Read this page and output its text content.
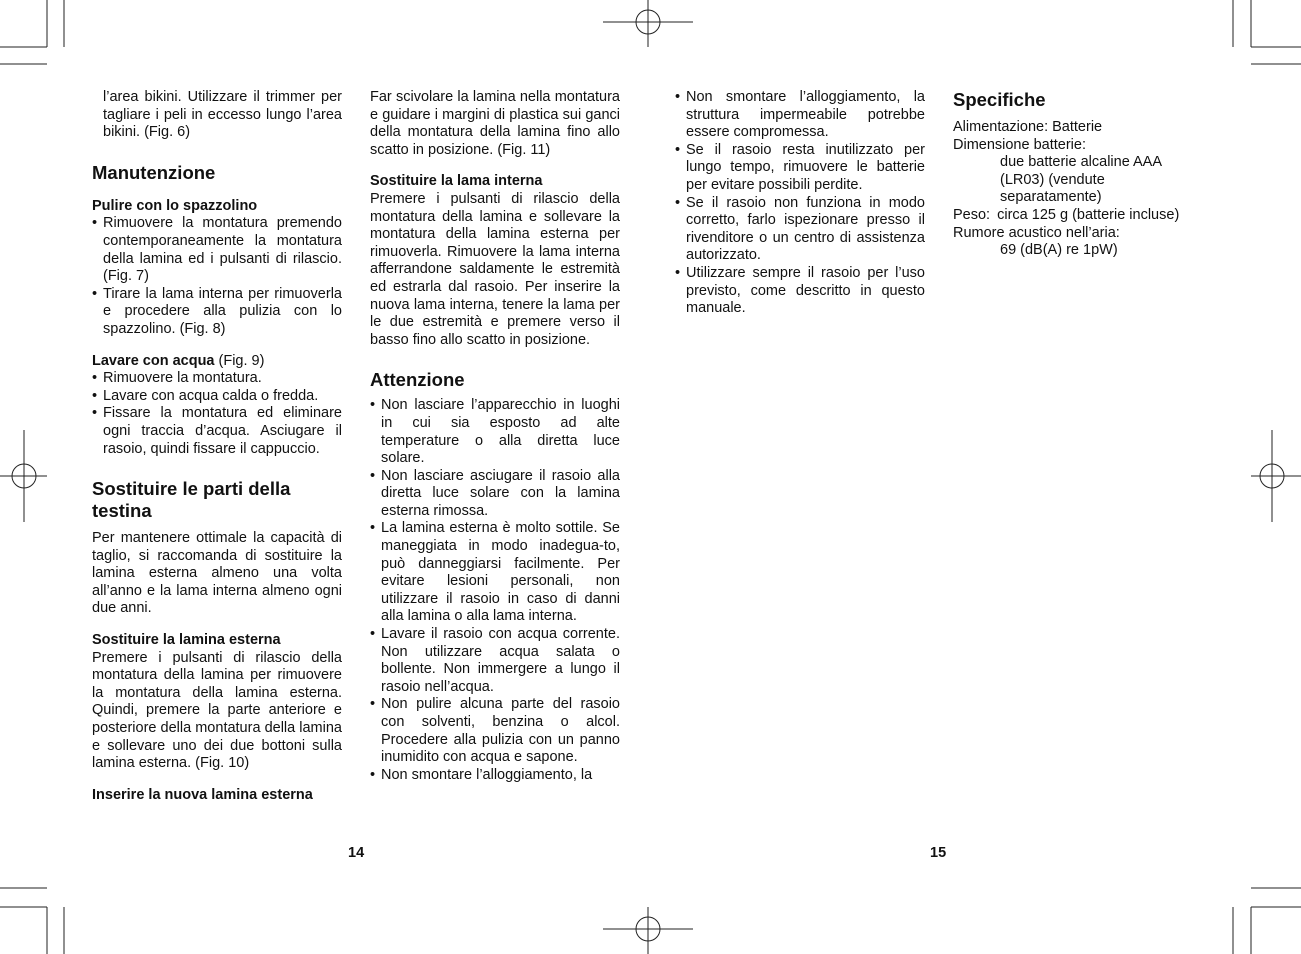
l’area bikini. Utilizzare il trimmer per tagliare i peli in eccesso lungo l’area bikini. (Fig. 6)

Manutenzione
Pulire con lo spazzolino
• Rimuovere la montatura premendo contemporaneamente la montatura della lamina ed i pulsanti di rilascio. (Fig. 7)
• Tirare la lama interna per rimuoverla e procedere alla pulizia con lo spazzolino. (Fig. 8)
Lavare con acqua (Fig. 9)
• Rimuovere la montatura.
• Lavare con acqua calda o fredda.
• Fissare la montatura ed eliminare ogni traccia d’acqua. Asciugare il rasoio, quindi fissare il cappuccio.
Sostituire le parti della testina

Per mantenere ottimale la capacità di taglio, si raccomanda di sostituire la lamina esterna almeno una volta all’anno e la lama interna almeno ogni due anni.

Sostituire la lamina esterna

Premere i pulsanti di rilascio della montatura della lamina per rimuovere la montatura della lamina esterna. Quindi, premere la parte anteriore e posteriore della montatura della lamina e sollevare uno dei due bottoni sulla lamina esterna. (Fig. 10)

Inserire la nuova lamina esterna

Far scivolare la lamina nella montatura e guidare i margini di plastica sui ganci della montatura della lamina fino allo scatto in posizione. (Fig. 11)

Sostituire la lama interna

Premere i pulsanti di rilascio della montatura della lamina e sollevare la montatura della lamina esterna per rimuoverla. Rimuovere la lama interna afferrandone saldamente le estremità ed estrarla dal rasoio. Per inserire la nuova lama interna, tenere la lama per le due estremità e premere verso il basso fino allo scatto in posizione.

Attenzione
• Non lasciare l’apparecchio in luoghi in cui sia esposto ad alte temperature o alla diretta luce solare.
• Non lasciare asciugare il rasoio alla diretta luce solare con la lamina esterna rimossa.
• La lamina esterna è molto sottile. Se maneggiata in modo inadegua-to, può danneggiarsi facilmente. Per evitare lesioni personali, non utilizzare il rasoio in caso di danni alla lamina o alla lama interna.
• Lavare il rasoio con acqua corrente. Non utilizzare acqua salata o bollente. Non immergere a lungo il rasoio nell’acqua.
• Non pulire alcuna parte del rasoio con solventi, benzina o alcol. Procedere alla pulizia con un panno inumidito con acqua e sapone.
• Non smontare l’alloggiamento, la
14
• Non smontare l’alloggiamento, la struttura impermeabile potrebbe essere compromessa.
• Se il rasoio resta inutilizzato per lungo tempo, rimuovere le batterie per evitare possibili perdite.
• Se il rasoio non funziona in modo corretto, farlo ispezionare presso il rivenditore o un centro di assistenza autorizzato.
• Utilizzare sempre il rasoio per l’uso previsto, come descritto in questo manuale.
Specifiche
Alimentazione: Batterie
Dimensione batterie:
due batterie alcaline AAA
(LR03) (vendute
separatamente)
Peso: circa 125 g (batterie incluse)
Rumore acustico nell’aria:
69 (dB(A) re 1pW)
15
